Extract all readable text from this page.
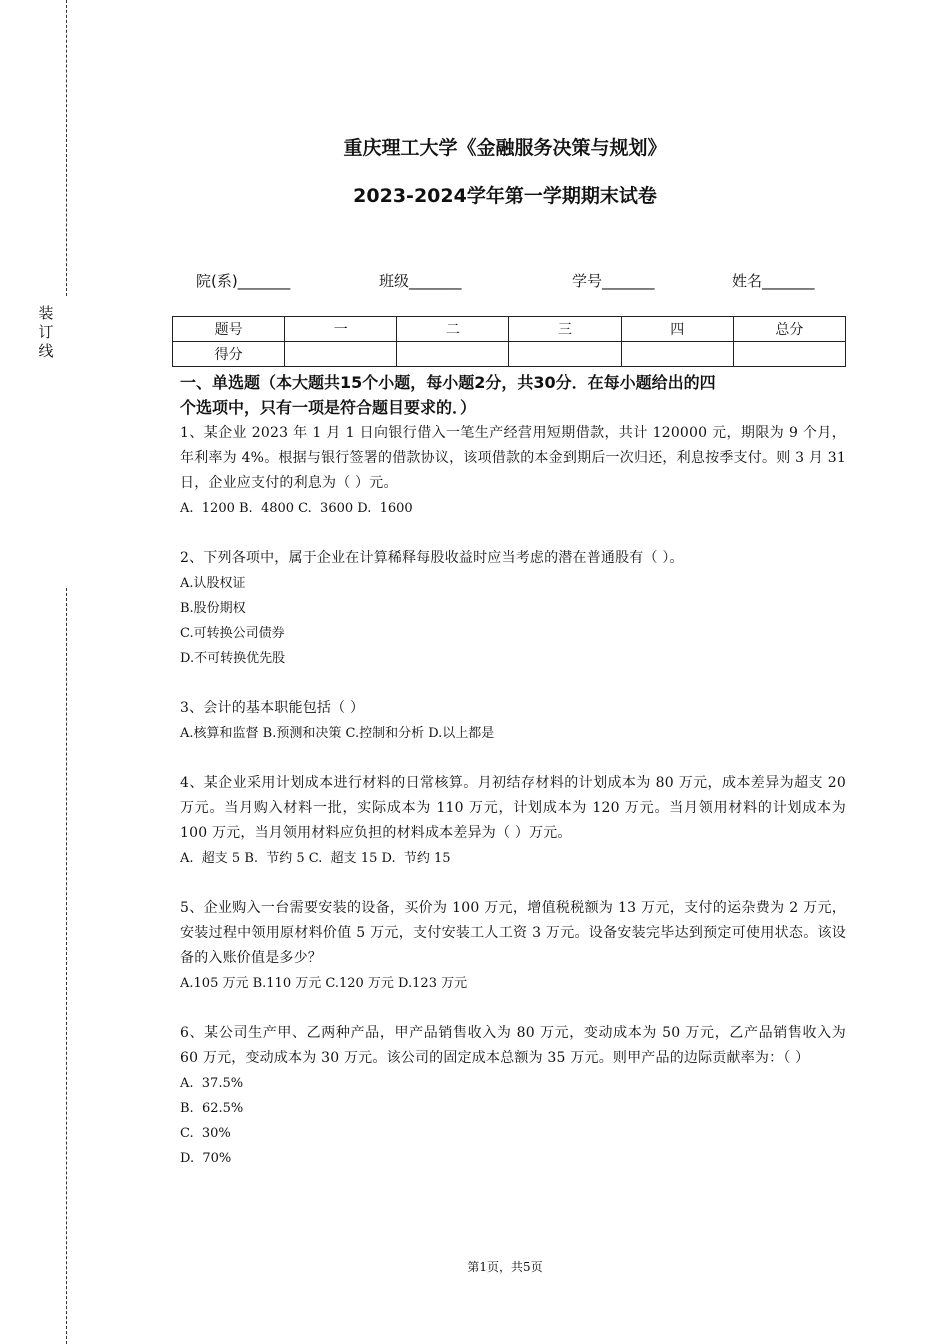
装
订
线
重庆理工大学《金融服务决策与规划》
2023-2024学年第一学期期末试卷
院(系)_______	班级_______	学号_______	姓名_______
题号	一	二	三	四	总分
得分					
一、单选题（本大题共15个小题，每小题2分，共30分．在每小题给出的四
个选项中，只有一项是符合题目要求的．）
1、某企业 2023 年 1 月 1 日向银行借入一笔生产经营用短期借款，共计 120000 元，期限为 9 个月，年利率为 4%。根据与银行签署的借款协议，该项借款的本金到期后一次归还，利息按季支付。则 3 月 31 日，企业应支付的利息为（ ）元。
A.  1200 B.  4800 C.  3600 D.  1600
2、下列各项中，属于企业在计算稀释每股收益时应当考虑的潜在普通股有（ ）。
A.认股权证
B.股份期权
C.可转换公司债券
D.不可转换优先股
3、会计的基本职能包括（ ）
A.核算和监督 B.预测和决策 C.控制和分析 D.以上都是
4、某企业采用计划成本进行材料的日常核算。月初结存材料的计划成本为 80 万元，成本差异为超支 20 万元。当月购入材料一批，实际成本为 110 万元，计划成本为 120 万元。当月领用材料的计划成本为 100 万元，当月领用材料应负担的材料成本差异为（ ）万元。
A.  超支 5 B.  节约 5 C.  超支 15 D.  节约 15
5、企业购入一台需要安装的设备，买价为 100 万元，增值税税额为 13 万元，支付的运杂费为 2 万元，安装过程中领用原材料价值 5 万元，支付安装工人工资 3 万元。设备安装完毕达到预定可使用状态。该设备的入账价值是多少？
A.105 万元 B.110 万元 C.120 万元 D.123 万元
6、某公司生产甲、乙两种产品，甲产品销售收入为 80 万元，变动成本为 50 万元，乙产品销售收入为 60 万元，变动成本为 30 万元。该公司的固定成本总额为 35 万元。则甲产品的边际贡献率为：（ ）
A.  37.5%
B.  62.5%
C.  30%
D.  70%
第1页，共5页
